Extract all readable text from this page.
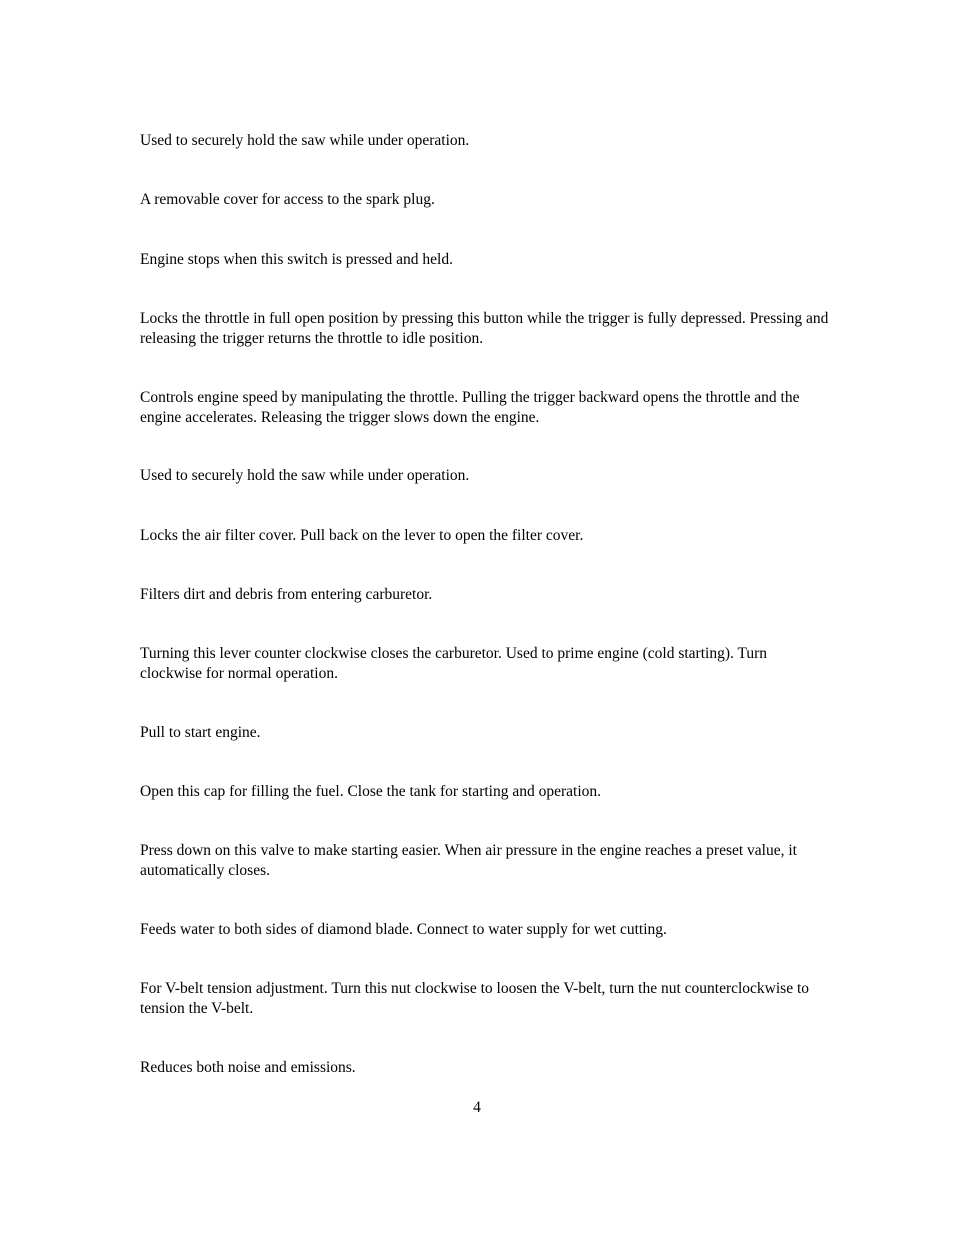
Used to securely hold the saw while under operation.

A removable cover for access to the spark plug.

Engine stops when this switch is pressed and held.

Locks the throttle in full open position by pressing this button while the trigger is fully depressed. Pressing and releasing the trigger returns the throttle to idle position.

Controls engine speed by manipulating the throttle. Pulling the trigger backward opens the throttle and the engine accelerates. Releasing the trigger slows down the engine.

Used to securely hold the saw while under operation.

Locks the air filter cover. Pull back on the lever to open the filter cover.

Filters dirt and debris from entering carburetor.

Turning this lever counter clockwise closes the carburetor. Used to prime engine (cold starting). Turn clockwise for normal operation.

Pull to start engine.

Open this cap for filling the fuel. Close the tank for starting and operation.

Press down on this valve to make starting easier. When air pressure in the engine reaches a preset value, it automatically closes.

Feeds water to both sides of diamond blade. Connect to water supply for wet cutting.

For V-belt tension adjustment. Turn this nut clockwise to loosen the V-belt, turn the nut counterclockwise to tension the V-belt.

Reduces both noise and emissions.

4
